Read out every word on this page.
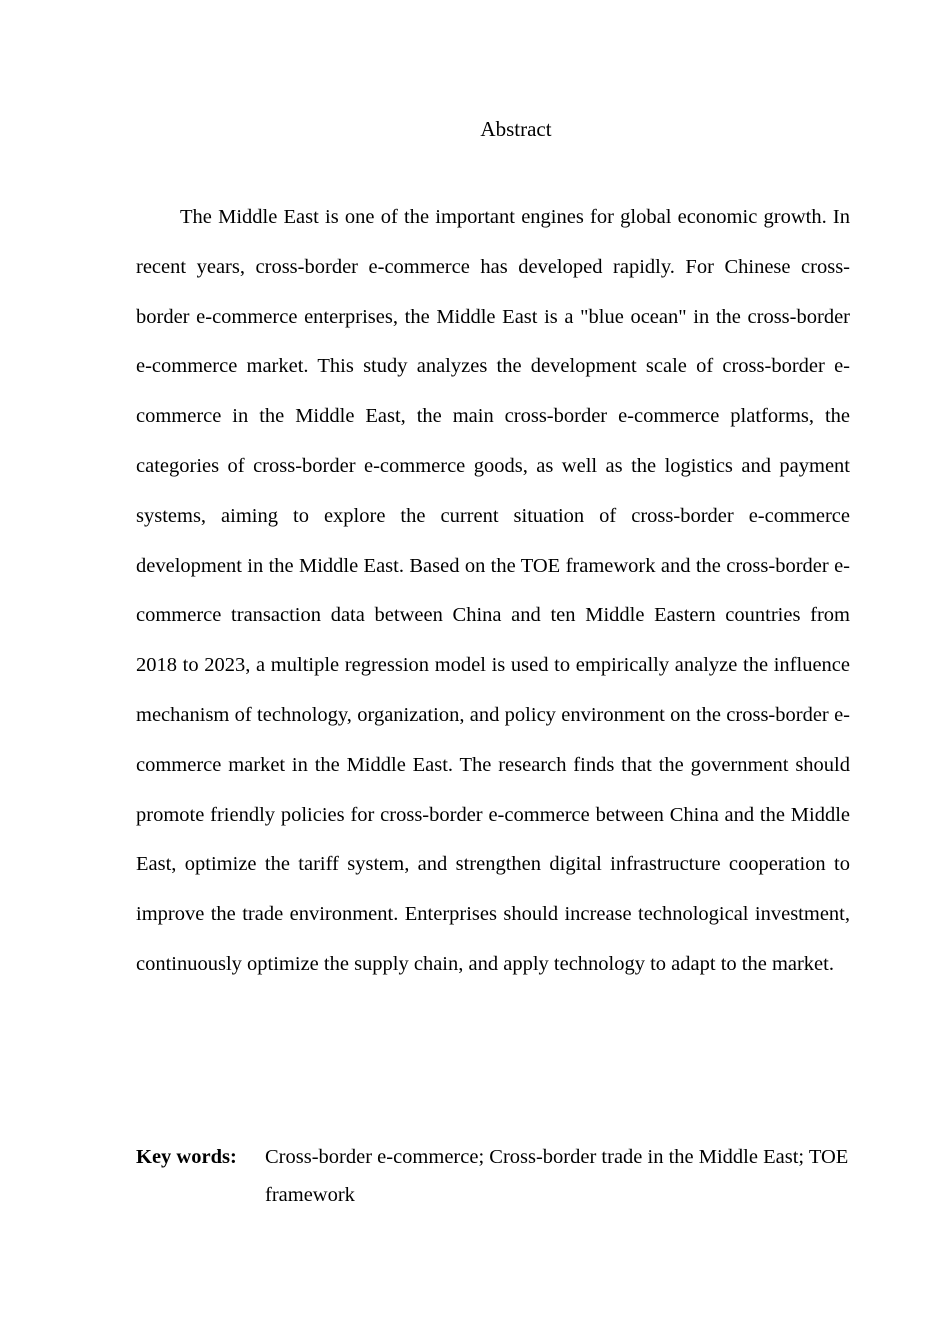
Abstract

The Middle East is one of the important engines for global economic growth. In recent years, cross-border e-commerce has developed rapidly. For Chinese cross-border e-commerce enterprises, the Middle East is a "blue ocean" in the cross-border e-commerce market. This study analyzes the development scale of cross-border e-commerce in the Middle East, the main cross-border e-commerce platforms, the categories of cross-border e-commerce goods, as well as the logistics and payment systems, aiming to explore the current situation of cross-border e-commerce development in the Middle East. Based on the TOE framework and the cross-border e-commerce transaction data between China and ten Middle Eastern countries from 2018 to 2023, a multiple regression model is used to empirically analyze the influence mechanism of technology, organization, and policy environment on the cross-border e-commerce market in the Middle East. The research finds that the government should promote friendly policies for cross-border e-commerce between China and the Middle East, optimize the tariff system, and strengthen digital infrastructure cooperation to improve the trade environment. Enterprises should increase technological investment, continuously optimize the supply chain, and apply technology to adapt to the market.

Key words:	Cross-border e-commerce; Cross-border trade in the Middle East; TOE framework
